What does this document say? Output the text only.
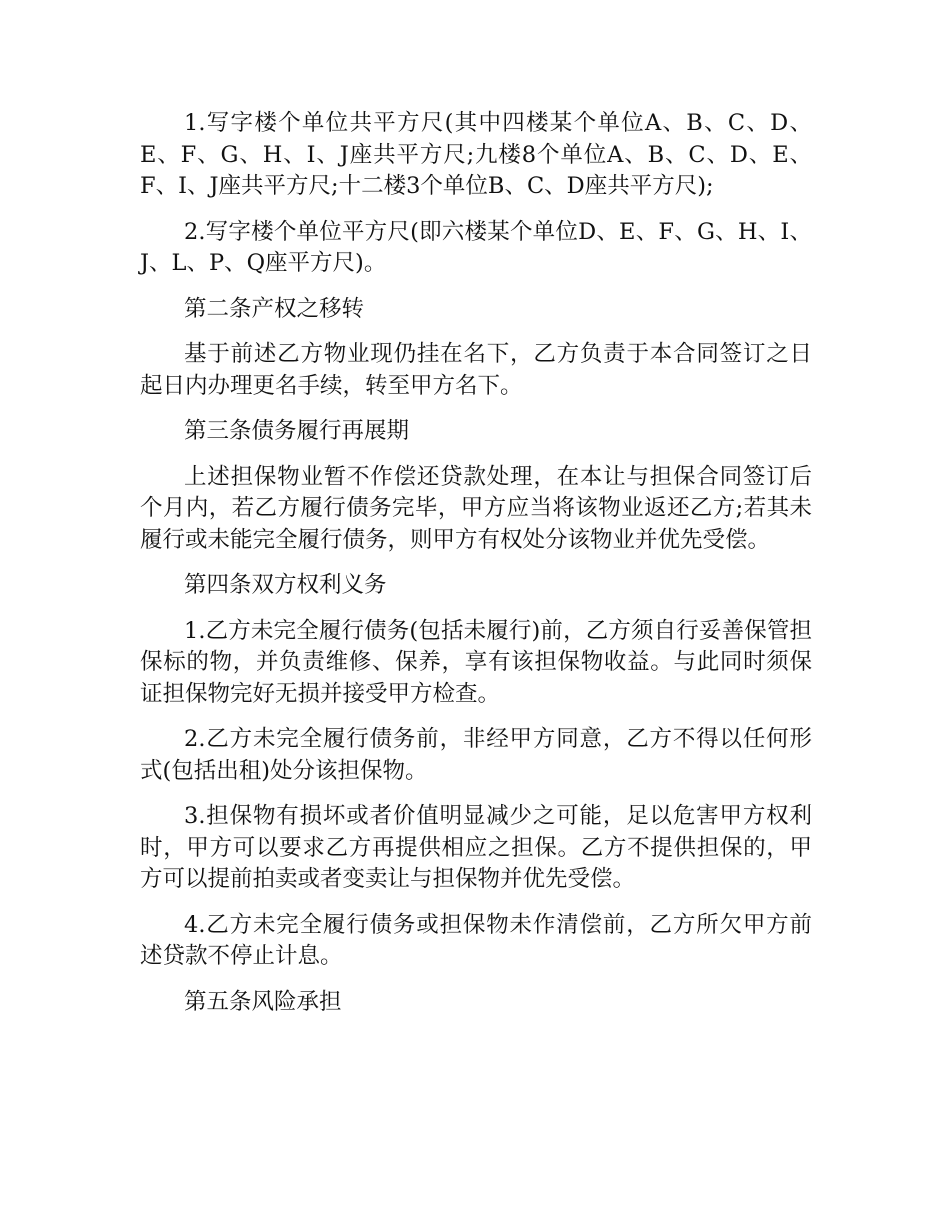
1.写字楼个单位共平方尺(其中四楼某个单位A、B、C、D、E、F、G、H、I、J座共平方尺;九楼8个单位A、B、C、D、E、F、I、J座共平方尺;十二楼3个单位B、C、D座共平方尺);

2.写字楼个单位平方尺(即六楼某个单位D、E、F、G、H、I、J、L、P、Q座平方尺)。

第二条产权之移转

基于前述乙方物业现仍挂在名下，乙方负责于本合同签订之日起日内办理更名手续，转至甲方名下。

第三条债务履行再展期

上述担保物业暂不作偿还贷款处理，在本让与担保合同签订后个月内，若乙方履行债务完毕，甲方应当将该物业返还乙方;若其未履行或未能完全履行债务，则甲方有权处分该物业并优先受偿。

第四条双方权利义务

1.乙方未完全履行债务(包括未履行)前，乙方须自行妥善保管担保标的物，并负责维修、保养，享有该担保物收益。与此同时须保证担保物完好无损并接受甲方检查。

2.乙方未完全履行债务前，非经甲方同意，乙方不得以任何形式(包括出租)处分该担保物。

3.担保物有损坏或者价值明显减少之可能，足以危害甲方权利时，甲方可以要求乙方再提供相应之担保。乙方不提供担保的，甲方可以提前拍卖或者变卖让与担保物并优先受偿。

4.乙方未完全履行债务或担保物未作清偿前，乙方所欠甲方前述贷款不停止计息。

第五条风险承担
